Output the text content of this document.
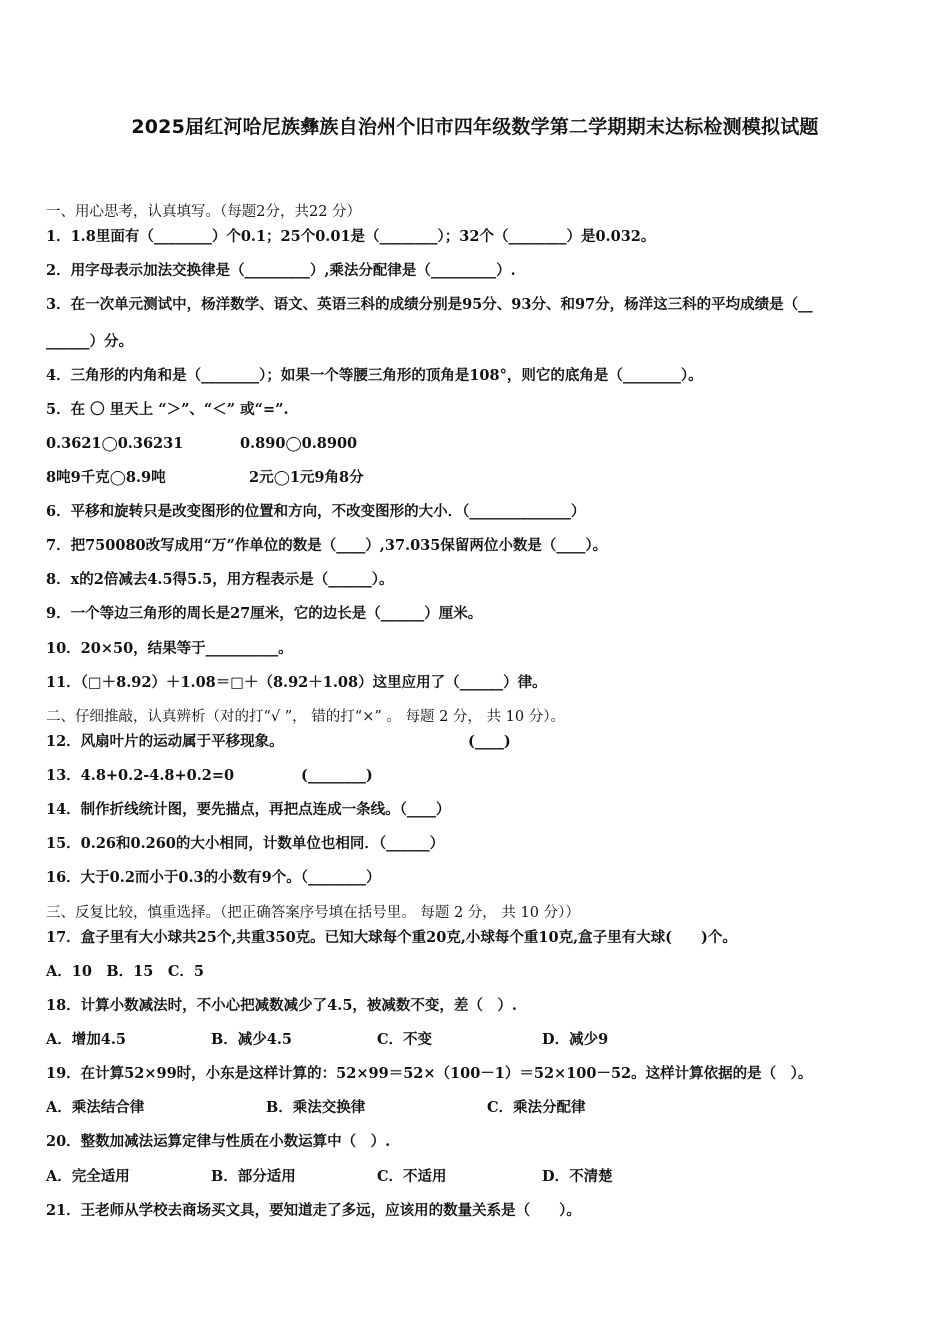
2025届红河哈尼族彝族自治州个旧市四年级数学第二学期期末达标检测模拟试题
一、用心思考，认真填写。（每题2分，共22 分）
1．1.8里面有（________）个0.1；25个0.01是（________）；32个（________）是0.032。
2．用字母表示加法交换律是（_________）,乘法分配律是（_________）.
3．在一次单元测试中，杨洋数学、语文、英语三科的成绩分别是95分、93分、和97分，杨洋这三科的平均成绩是（__
______）分。
4．三角形的内角和是（________）；如果一个等腰三角形的顶角是108°，则它的底角是（________）。
5．在 〇 里天上 “＞”、“＜” 或“=”.
0.3621◯0.36231	0.890◯0.8900
8吨9千克◯8.9吨	2元◯1元9角8分
6．平移和旋转只是改变图形的位置和方向，不改变图形的大小．（______________）
7．把750080改写成用“万”作单位的数是（____）,37.035保留两位小数是（____）。
8．x的2倍减去4.5得5.5，用方程表示是（______）。
9．一个等边三角形的周长是27厘米，它的边长是（______）厘米。
10．20×50，结果等于__________。
11．（□＋8.92）＋1.08＝□＋（8.92＋1.08）这里应用了（______）律。
二、仔细推敲，认真辨析（对的打“√ ”， 错的打“×” 。 每题 2 分， 共 10 分）。
12．风扇叶片的运动属于平移现象。	(____)
13．4.8+0.2-4.8+0.2=0	(________)
14．制作折线统计图，要先描点，再把点连成一条线。（____）
15．0.26和0.260的大小相同，计数单位也相同．（______）
16．大于0.2而小于0.3的小数有9个。（________）
三、反复比较，慎重选择。（把正确答案序号填在括号里。 每题 2 分， 共 10 分））
17．盒子里有大小球共25个,共重350克。已知大球每个重20克,小球每个重10克,盒子里有大球(　　)个。
A．10　B．15　C．5
18．计算小数减法时，不小心把减数减少了4.5，被减数不变，差（　）.
A．增加4.5	B．减少4.5	C．不变	D．减少9
19．在计算52×99时，小东是这样计算的：52×99＝52×（100－1）＝52×100－52。这样计算依据的是（　）。
A．乘法结合律	B．乘法交换律	C．乘法分配律
20．整数加减法运算定律与性质在小数运算中（　）.
A．完全适用	B．部分适用	C．不适用	D．不清楚
21．王老师从学校去商场买文具，要知道走了多远，应该用的数量关系是（　　）。
